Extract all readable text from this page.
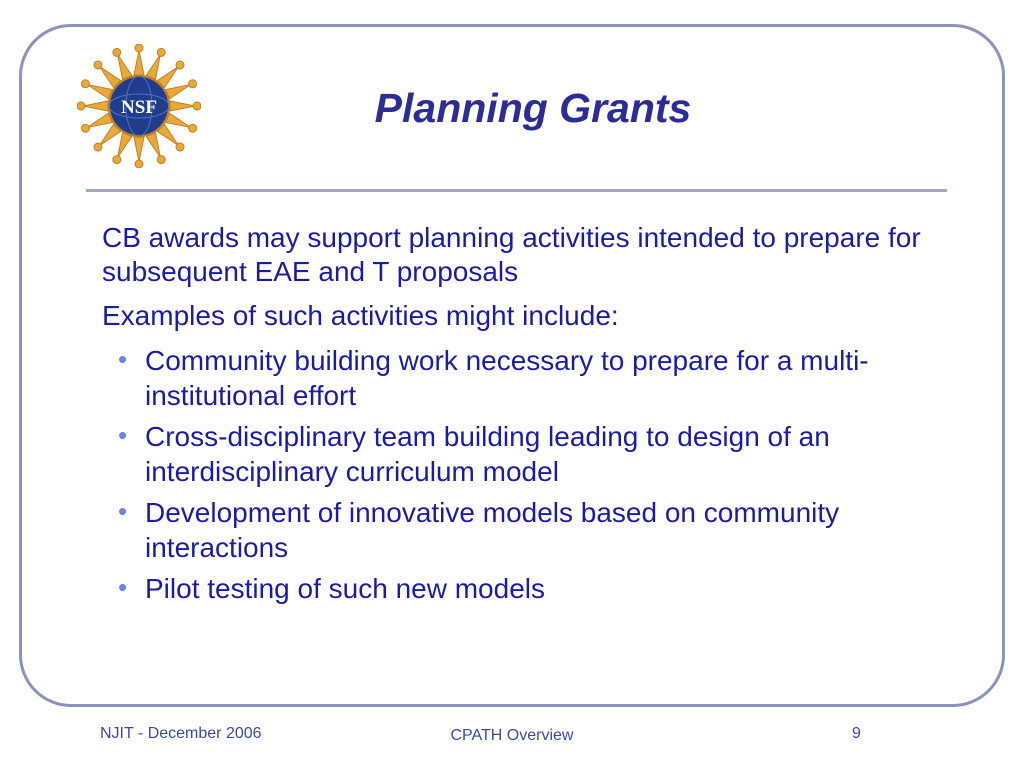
NSF	Planning Grants

CB awards may support planning activities intended to prepare for subsequent EAE and T proposals

Examples of such activities might include:

• Community building work necessary to prepare for a multi-institutional effort
• Cross-disciplinary team building leading to design of an interdisciplinary curriculum model
• Development of innovative models based on community interactions
• Pilot testing of such new models
NJIT - December 2006	CPATH Overview	9
